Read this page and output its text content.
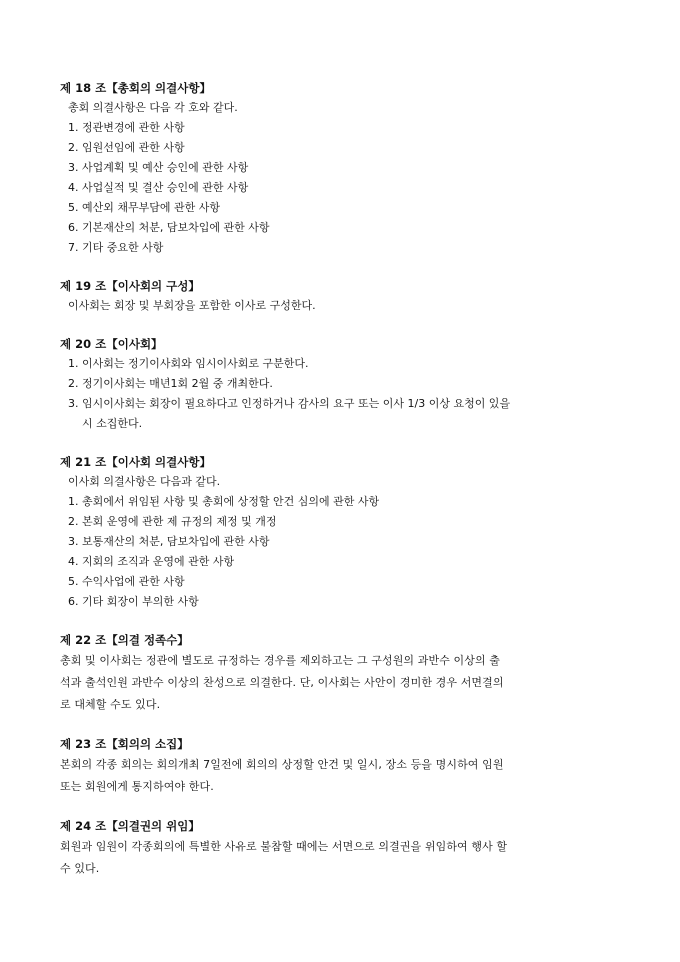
제 18 조【총회의 의결사항】
총회 의결사항은 다음 각 호와 같다.
1. 정관변경에 관한 사항
2. 임원선임에 관한 사항
3. 사업계획 및 예산 승인에 관한 사항
4. 사업실적 및 결산 승인에 관한 사항
5. 예산외 채무부담에 관한 사항
6. 기본재산의 처분, 담보차입에 관한 사항
7. 기타 중요한 사항
제 19 조【이사회의 구성】
이사회는 회장 및 부회장을 포함한 이사로 구성한다.
제 20 조【이사회】
1. 이사회는 정기이사회와 임시이사회로 구분한다.
2. 정기이사회는 매년1회 2월 중 개최한다.
3. 임시이사회는 회장이 필요하다고 인정하거나 감사의 요구 또는 이사 1/3 이상 요청이 있을
시 소집한다.
제 21 조【이사회 의결사항】
이사회 의결사항은 다음과 같다.
1. 총회에서 위임된 사항 및 총회에 상정할 안건 심의에 관한 사항
2. 본회 운영에 관한 제 규정의 제정 및 개정
3. 보통재산의 처분, 담보차입에 관한 사항
4. 지회의 조직과 운영에 관한 사항
5. 수익사업에 관한 사항
6. 기타 회장이 부의한 사항
제 22 조【의결 정족수】
총회 및 이사회는 정관에 별도로 규정하는 경우를 제외하고는 그 구성원의 과반수 이상의 출
석과 출석인원 과반수 이상의 찬성으로 의결한다. 단, 이사회는 사안이 경미한 경우 서면결의
로 대체할 수도 있다.
제 23 조【회의의 소집】
본회의 각종 회의는 회의개최 7일전에 회의의 상정할 안건 및 일시, 장소 등을 명시하여 임원
또는 회원에게 통지하여야 한다.
제 24 조【의결권의 위임】
회원과 임원이 각종회의에 특별한 사유로 불참할 때에는 서면으로 의결권을 위임하여 행사 할
수 있다.
